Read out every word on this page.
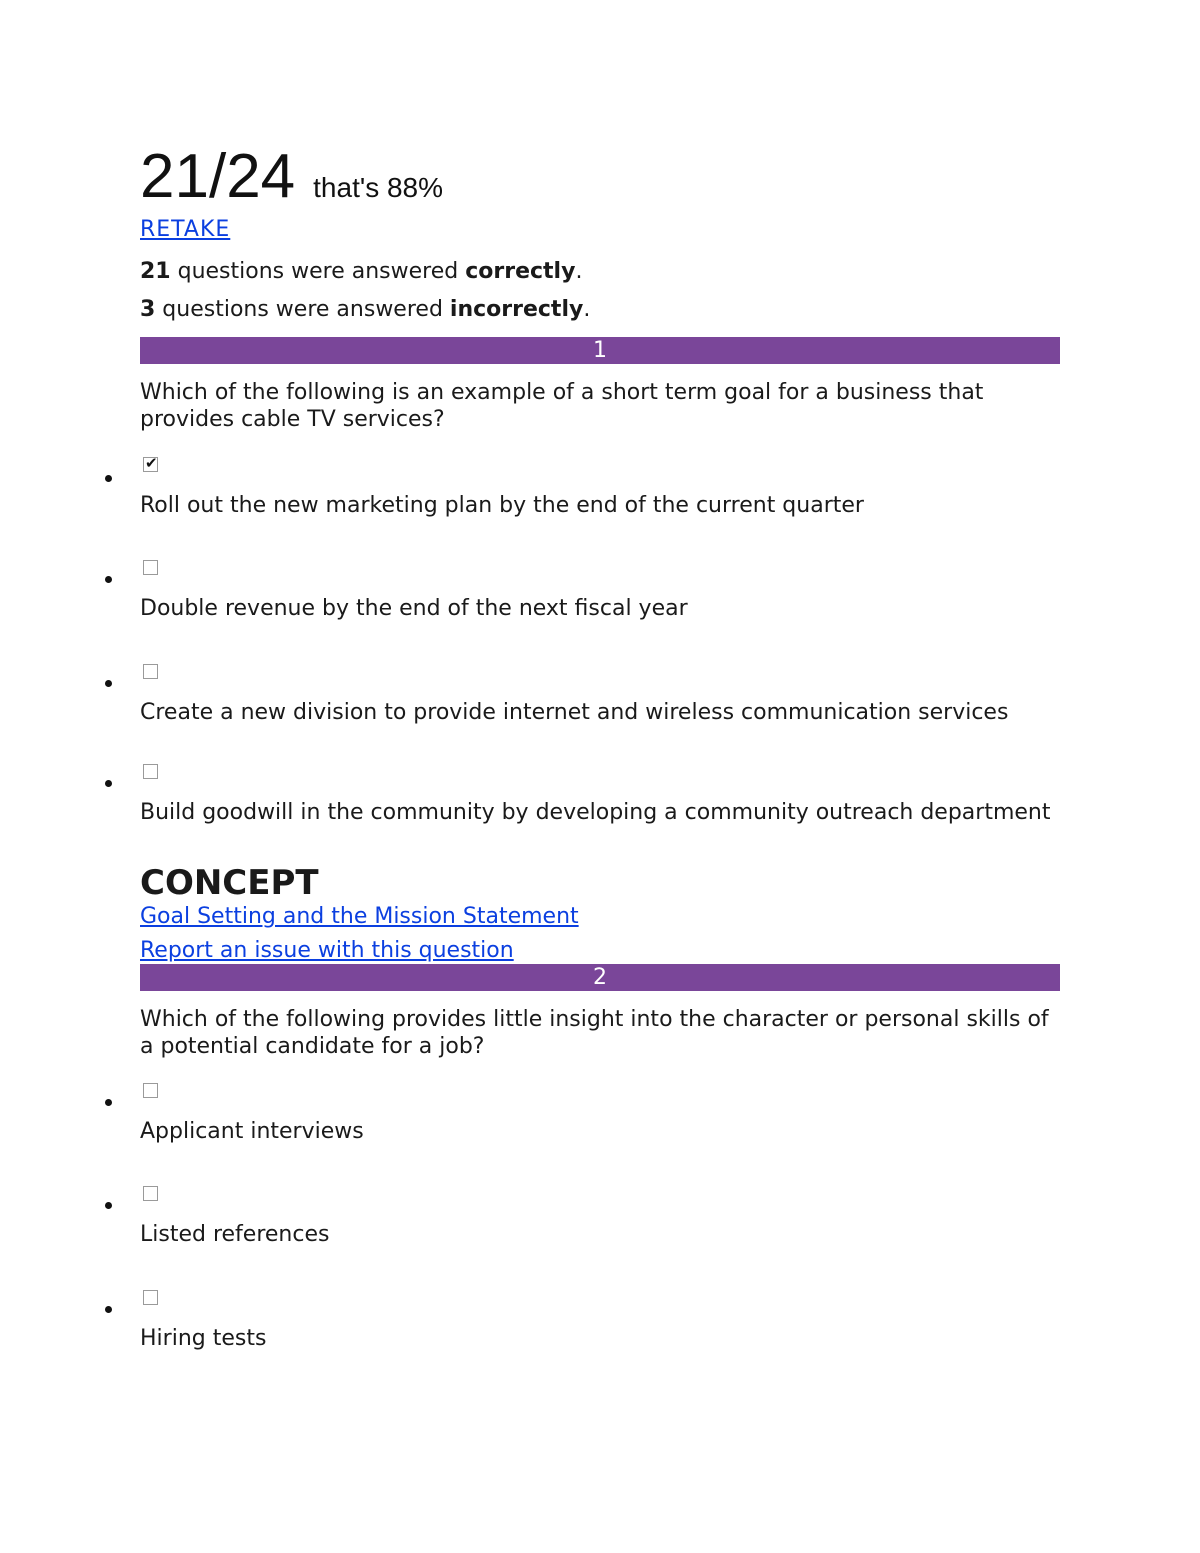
21/24 that's 88%
RETAKE

21 questions were answered correctly.

3 questions were answered incorrectly.

1

Which of the following is an example of a short term goal for a business that provides cable TV services?

✔

Roll out the new marketing plan by the end of the current quarter

Double revenue by the end of the next fiscal year

Create a new division to provide internet and wireless communication services

Build goodwill in the community by developing a community outreach department

CONCEPT

Goal Setting and the Mission Statement
Report an issue with this question
2

Which of the following provides little insight into the character or personal skills of a potential candidate for a job?

Applicant interviews

Listed references

Hiring tests
